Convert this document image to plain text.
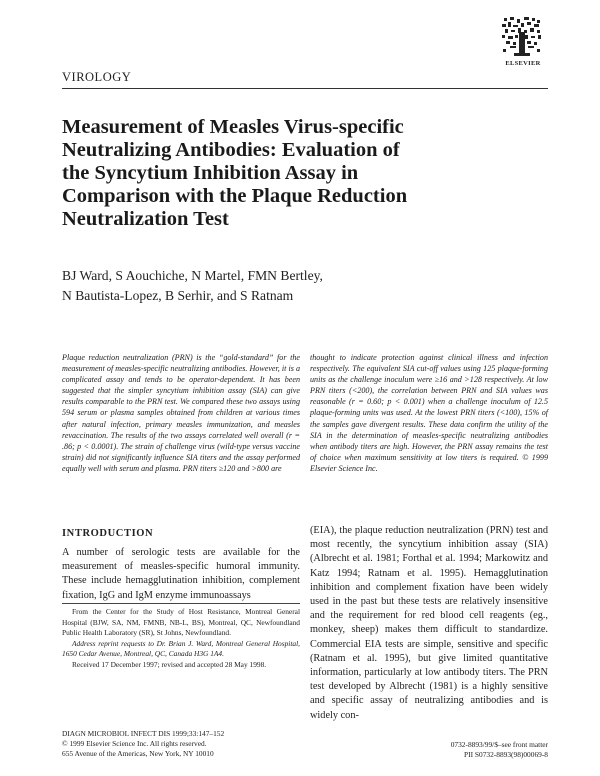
ELSEVIER
VIROLOGY
Measurement of Measles Virus-specific Neutralizing Antibodies: Evaluation of the Syncytium Inhibition Assay in Comparison with the Plaque Reduction Neutralization Test
BJ Ward, S Aouchiche, N Martel, FMN Bertley,
N Bautista-Lopez, B Serhir, and S Ratnam

Plaque reduction neutralization (PRN) is the “gold-standard” for the measurement of measles-specific neutralizing antibodies. However, it is a complicated assay and tends to be operator-dependent. It has been suggested that the simpler syncytium inhibition assay (SIA) can give results comparable to the PRN test. We compared these two assays using 594 serum or plasma samples obtained from children at various times after natural infection, primary measles immunization, and measles revaccination. The results of the two assays correlated well overall (r = .86; p < 0.0001). The strain of challenge virus (wild-type versus vaccine strain) did not significantly influence SIA titers and the assay performed equally well with serum and plasma. PRN titers ≥120 and >800 are

thought to indicate protection against clinical illness and infection respectively. The equivalent SIA cut-off values using 125 plaque-forming units as the challenge inoculum were ≥16 and >128 respectively. At low PRN titers (<200), the correlation between PRN and SIA values was reasonable (r = 0.60; p < 0.001) when a challenge inoculum of 12.5 plaque-forming units was used. At the lowest PRN titers (<100), 15% of the samples gave divergent results. These data confirm the utility of the SIA in the determination of measles-specific neutralizing antibodies when antibody titers are high. However, the PRN assay remains the test of choice when maximum sensitivity at low titers is required. © 1999 Elsevier Science Inc.

INTRODUCTION

A number of serologic tests are available for the measurement of measles-specific humoral immunity. These include hemagglutination inhibition, complement fixation, IgG and IgM enzyme immunoassays

(EIA), the plaque reduction neutralization (PRN) test and most recently, the syncytium inhibition assay (SIA) (Albrecht et al. 1981; Forthal et al. 1994; Markowitz and Katz 1994; Ratnam et al. 1995). Hemagglutination inhibition and complement fixation have been widely used in the past but these tests are relatively insensitive and the requirement for red blood cell reagents (eg., monkey, sheep) makes them difficult to standardize. Commercial EIA tests are simple, sensitive and specific (Ratnam et al. 1995), but give limited quantitative information, particularly at low antibody titers. The PRN test developed by Albrecht (1981) is a highly sensitive and specific assay of neutralizing antibodies and is widely con-

From the Center for the Study of Host Resistance, Montreal General Hospital (BJW, SA, NM, FMNB, NB-L, BS), Montreal, QC, Newfoundland Public Health Laboratory (SR), St Johns, Newfoundland.

Address reprint requests to Dr. Brian J. Ward, Montreal General Hospital, 1650 Cedar Avenue, Montreal, QC, Canada H3G 1A4.

Received 17 December 1997; revised and accepted 28 May 1998.

DIAGN MICROBIOL INFECT DIS 1999;33:147–152
© 1999 Elsevier Science Inc. All rights reserved.
655 Avenue of the Americas, New York, NY 10010
0732-8893/99/$–see front matter
PII S0732-8893(98)00069-8
